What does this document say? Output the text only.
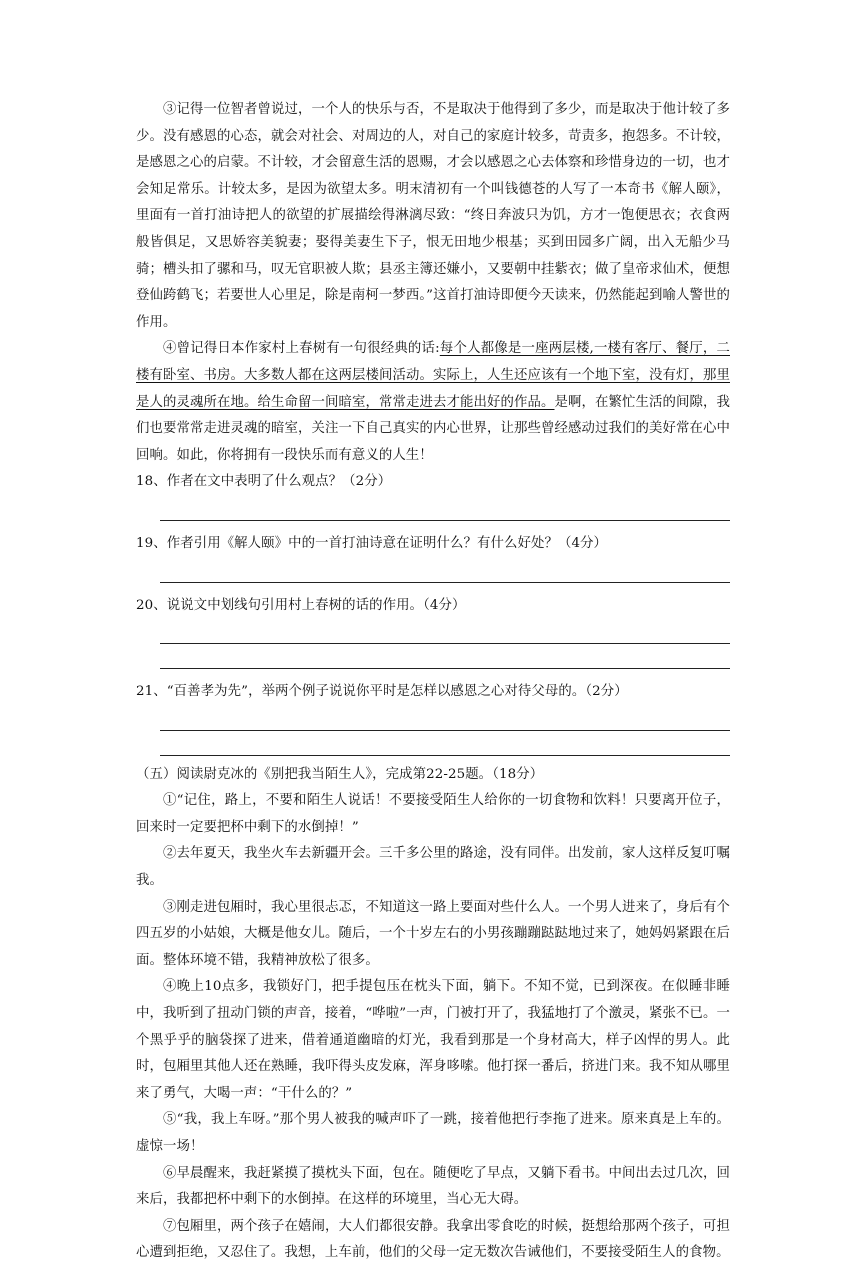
③记得一位智者曾说过，一个人的快乐与否，不是取决于他得到了多少，而是取决于他计较了多少。没有感恩的心态，就会对社会、对周边的人，对自己的家庭计较多，苛责多，抱怨多。不计较，是感恩之心的启蒙。不计较，才会留意生活的恩赐，才会以感恩之心去体察和珍惜身边的一切，也才会知足常乐。计较太多，是因为欲望太多。明末清初有一个叫钱德苍的人写了一本奇书《解人颐》，里面有一首打油诗把人的欲望的扩展描绘得淋漓尽致：“终日奔波只为饥，方才一饱便思衣；衣食两般皆俱足，又思娇容美貌妻；娶得美妻生下子，恨无田地少根基；买到田园多广阔，出入无船少马骑；槽头扣了骡和马，叹无官职被人欺；县丞主簿还嫌小，又要朝中挂紫衣；做了皇帝求仙术，便想登仙跨鹤飞；若要世人心里足，除是南柯一梦西。”这首打油诗即便今天读来，仍然能起到喻人警世的作用。

④曾记得日本作家村上春树有一句很经典的话:每个人都像是一座两层楼,一楼有客厅、餐厅，二楼有卧室、书房。大多数人都在这两层楼间活动。实际上，人生还应该有一个地下室，没有灯，那里是人的灵魂所在地。给生命留一间暗室，常常走进去才能出好的作品。是啊，在繁忙生活的间隙，我们也要常常走进灵魂的暗室，关注一下自己真实的内心世界，让那些曾经感动过我们的美好常在心中回响。如此，你将拥有一段快乐而有意义的人生！

18、作者在文中表明了什么观点？（2分）

19、作者引用《解人颐》中的一首打油诗意在证明什么？有什么好处？（4分）

20、说说文中划线句引用村上春树的话的作用。（4分）

21、“百善孝为先”，举两个例子说说你平时是怎样以感恩之心对待父母的。（2分）

（五）阅读尉克冰的《别把我当陌生人》，完成第22-25题。（18分）

①“记住，路上，不要和陌生人说话！不要接受陌生人给你的一切食物和饮料！只要离开位子，回来时一定要把杯中剩下的水倒掉！”

②去年夏天，我坐火车去新疆开会。三千多公里的路途，没有同伴。出发前，家人这样反复叮嘱我。

③刚走进包厢时，我心里很忐忑，不知道这一路上要面对些什么人。一个男人进来了，身后有个四五岁的小姑娘，大概是他女儿。随后，一个十岁左右的小男孩蹦蹦跶跶地过来了，她妈妈紧跟在后面。整体环境不错，我精神放松了很多。

④晚上10点多，我锁好门，把手提包压在枕头下面，躺下。不知不觉，已到深夜。在似睡非睡中，我听到了扭动门锁的声音，接着，“哗啦”一声，门被打开了，我猛地打了个激灵，紧张不已。一个黑乎乎的脑袋探了进来，借着通道幽暗的灯光，我看到那是一个身材高大，样子凶悍的男人。此时，包厢里其他人还在熟睡，我吓得头皮发麻，浑身哆嗦。他打探一番后，挤进门来。我不知从哪里来了勇气，大喝一声：“干什么的？”

⑤“我，我上车呀。”那个男人被我的喊声吓了一跳，接着他把行李拖了进来。原来真是上车的。虚惊一场！

⑥早晨醒来，我赶紧摸了摸枕头下面，包在。随便吃了早点，又躺下看书。中间出去过几次，回来后，我都把杯中剩下的水倒掉。在这样的环境里，当心无大碍。

⑦包厢里，两个孩子在嬉闹，大人们都很安静。我拿出零食吃的时候，挺想给那两个孩子，可担心遭到拒绝，又忍住了。我想，上车前，他们的父母一定无数次告诫他们，不要接受陌生人的食物。
